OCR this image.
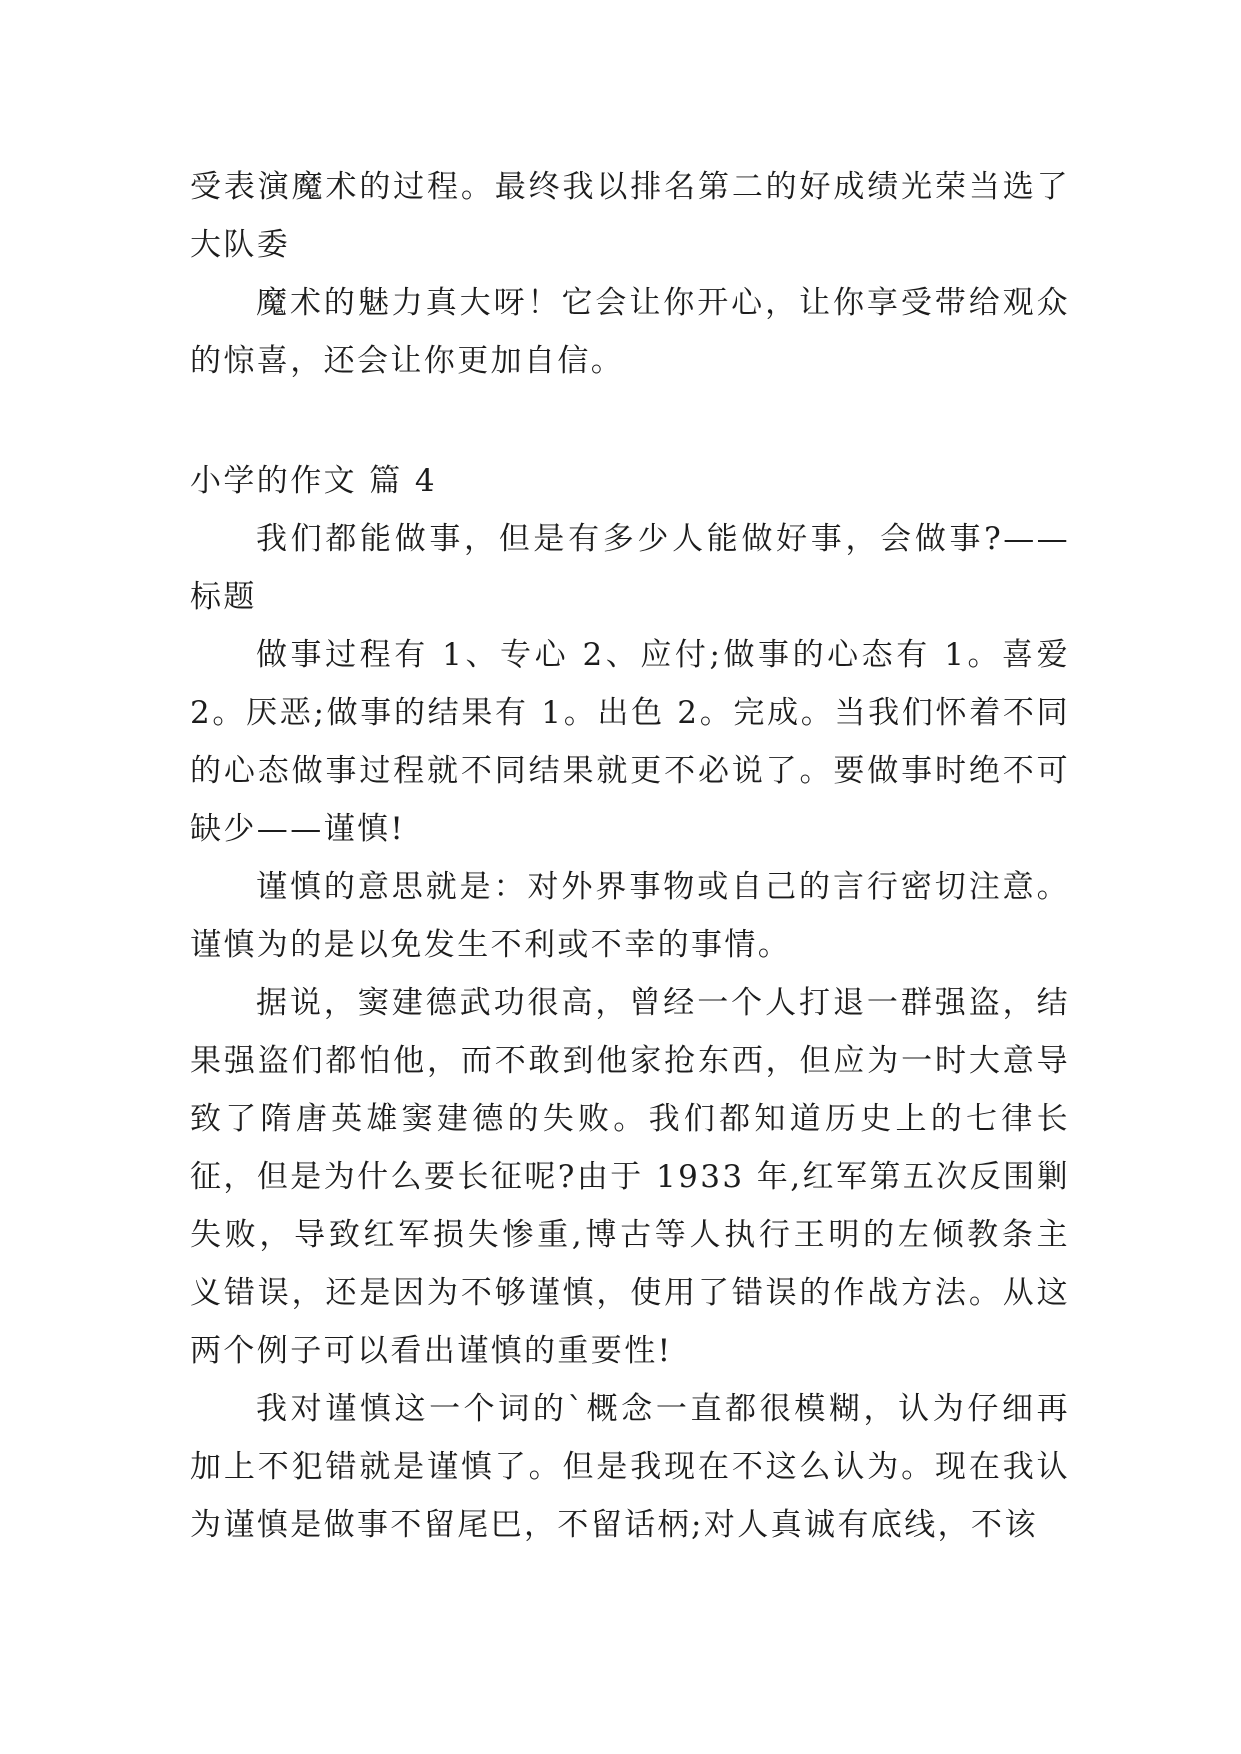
受表演魔术的过程。最终我以排名第二的好成绩光荣当选了大队委

魔术的魅力真大呀！它会让你开心，让你享受带给观众的惊喜，还会让你更加自信。

小学的作文 篇 4

我们都能做事，但是有多少人能做好事，会做事?——标题

做事过程有 1、专心 2、应付;做事的心态有 1。喜爱 2。厌恶;做事的结果有 1。出色 2。完成。当我们怀着不同的心态做事过程就不同结果就更不必说了。要做事时绝不可缺少——谨慎!

谨慎的意思就是：对外界事物或自己的言行密切注意。谨慎为的是以免发生不利或不幸的事情。

据说，窦建德武功很高，曾经一个人打退一群强盗，结果强盗们都怕他，而不敢到他家抢东西，但应为一时大意导致了隋唐英雄窦建德的失败。我们都知道历史上的七律长征，但是为什么要长征呢?由于 1933 年,红军第五次反围剿失败，导致红军损失惨重,博古等人执行王明的左倾教条主义错误，还是因为不够谨慎，使用了错误的作战方法。从这两个例子可以看出谨慎的重要性!

我对谨慎这一个词的`概念一直都很模糊，认为仔细再加上不犯错就是谨慎了。但是我现在不这么认为。现在我认为谨慎是做事不留尾巴，不留话柄;对人真诚有底线，不该
